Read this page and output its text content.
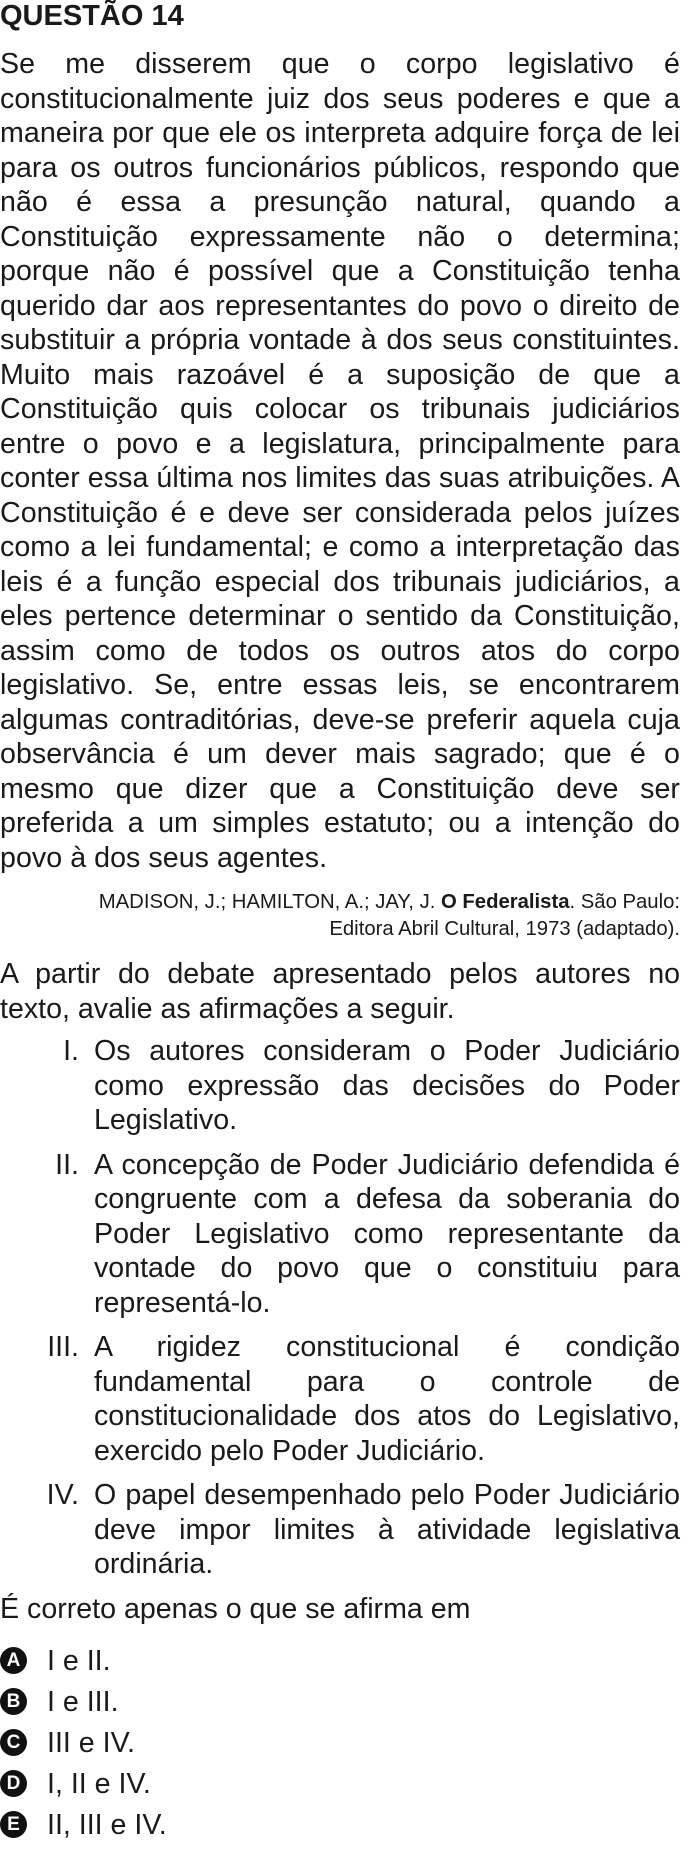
QUESTÃO 14

Se me disserem que o corpo legislativo é constitucionalmente juiz dos seus poderes e que a maneira por que ele os interpreta adquire força de lei para os outros funcionários públicos, respondo que não é essa a presunção natural, quando a Constituição expressamente não o determina; porque não é possível que a Constituição tenha querido dar aos representantes do povo o direito de substituir a própria vontade à dos seus constituintes. Muito mais razoável é a suposição de que a Constituição quis colocar os tribunais judiciários entre o povo e a legislatura, principalmente para conter essa última nos limites das suas atribuições. A Constituição é e deve ser considerada pelos juízes como a lei fundamental; e como a interpretação das leis é a função especial dos tribunais judiciários, a eles pertence determinar o sentido da Constituição, assim como de todos os outros atos do corpo legislativo. Se, entre essas leis, se encontrarem algumas contraditórias, deve-se preferir aquela cuja observância é um dever mais sagrado; que é o mesmo que dizer que a Constituição deve ser preferida a um simples estatuto; ou a intenção do povo à dos seus agentes.

MADISON, J.; HAMILTON, A.; JAY, J. O Federalista. São Paulo:
Editora Abril Cultural, 1973 (adaptado).

A partir do debate apresentado pelos autores no texto, avalie as afirmações a seguir.

I. Os autores consideram o Poder Judiciário como expressão das decisões do Poder Legislativo.
II. A concepção de Poder Judiciário defendida é congruente com a defesa da soberania do Poder Legislativo como representante da vontade do povo que o constituiu para representá-lo.
III. A rigidez constitucional é condição fundamental para o controle de constitucionalidade dos atos do Legislativo, exercido pelo Poder Judiciário.
IV. O papel desempenhado pelo Poder Judiciário deve impor limites à atividade legislativa ordinária.

É correto apenas o que se afirma em

A I e II.
B I e III.
C III e IV.
D I, II e IV.
E II, III e IV.
